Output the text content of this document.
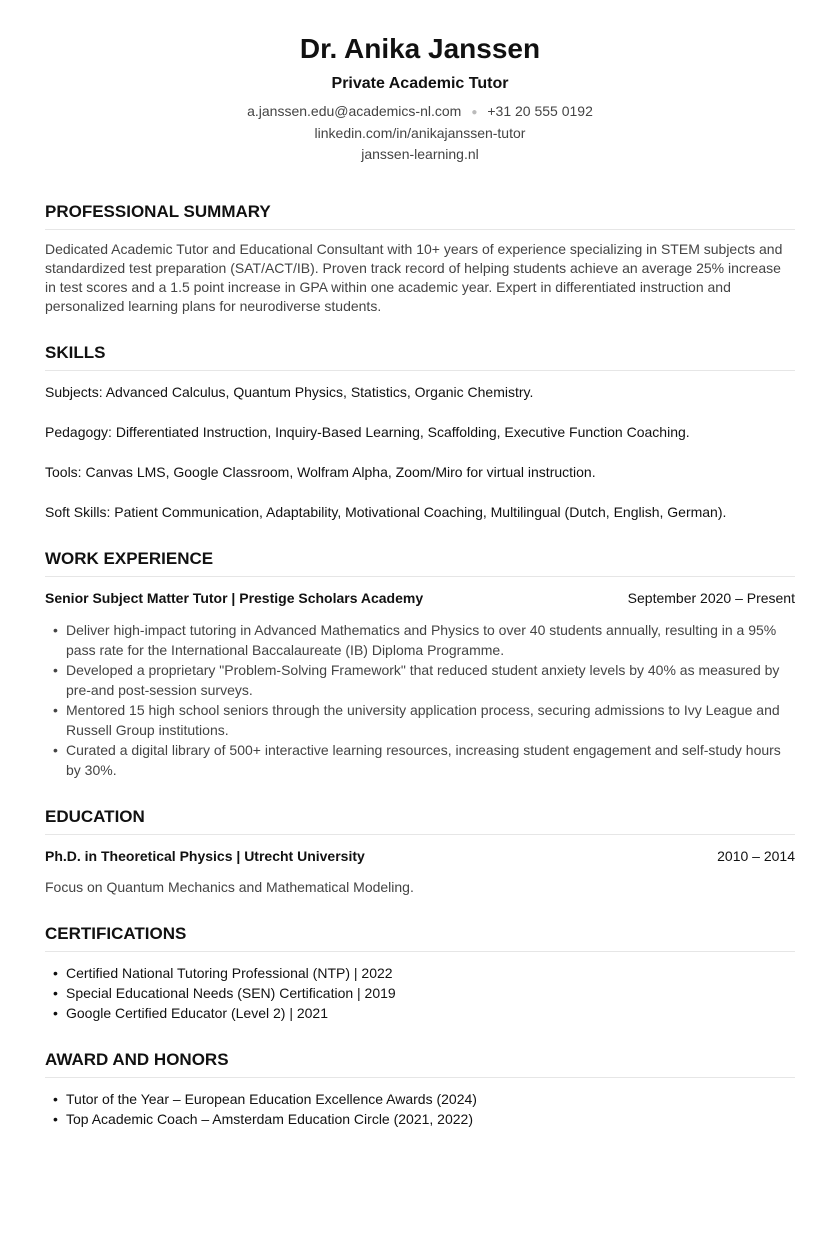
Dr. Anika Janssen
Private Academic Tutor
a.janssen.edu@academics-nl.com ● +31 20 555 0192
linkedin.com/in/anikajanssen-tutor
janssen-learning.nl
PROFESSIONAL SUMMARY
Dedicated Academic Tutor and Educational Consultant with 10+ years of experience specializing in STEM subjects and standardized test preparation (SAT/ACT/IB). Proven track record of helping students achieve an average 25% increase in test scores and a 1.5 point increase in GPA within one academic year. Expert in differentiated instruction and personalized learning plans for neurodiverse students.
SKILLS
Subjects: Advanced Calculus, Quantum Physics, Statistics, Organic Chemistry.
Pedagogy: Differentiated Instruction, Inquiry-Based Learning, Scaffolding, Executive Function Coaching.
Tools: Canvas LMS, Google Classroom, Wolfram Alpha, Zoom/Miro for virtual instruction.
Soft Skills: Patient Communication, Adaptability, Motivational Coaching, Multilingual (Dutch, English, German).
WORK EXPERIENCE
Senior Subject Matter Tutor | Prestige Scholars Academy	September 2020 – Present
• Deliver high-impact tutoring in Advanced Mathematics and Physics to over 40 students annually, resulting in a 95% pass rate for the International Baccalaureate (IB) Diploma Programme.
• Developed a proprietary "Problem-Solving Framework" that reduced student anxiety levels by 40% as measured by pre-and post-session surveys.
• Mentored 15 high school seniors through the university application process, securing admissions to Ivy League and Russell Group institutions.
• Curated a digital library of 500+ interactive learning resources, increasing student engagement and self-study hours by 30%.
EDUCATION
Ph.D. in Theoretical Physics | Utrecht University	2010 – 2014
Focus on Quantum Mechanics and Mathematical Modeling.
CERTIFICATIONS
• Certified National Tutoring Professional (NTP) | 2022
• Special Educational Needs (SEN) Certification | 2019
• Google Certified Educator (Level 2) | 2021
AWARD AND HONORS
• Tutor of the Year – European Education Excellence Awards (2024)
• Top Academic Coach – Amsterdam Education Circle (2021, 2022)
